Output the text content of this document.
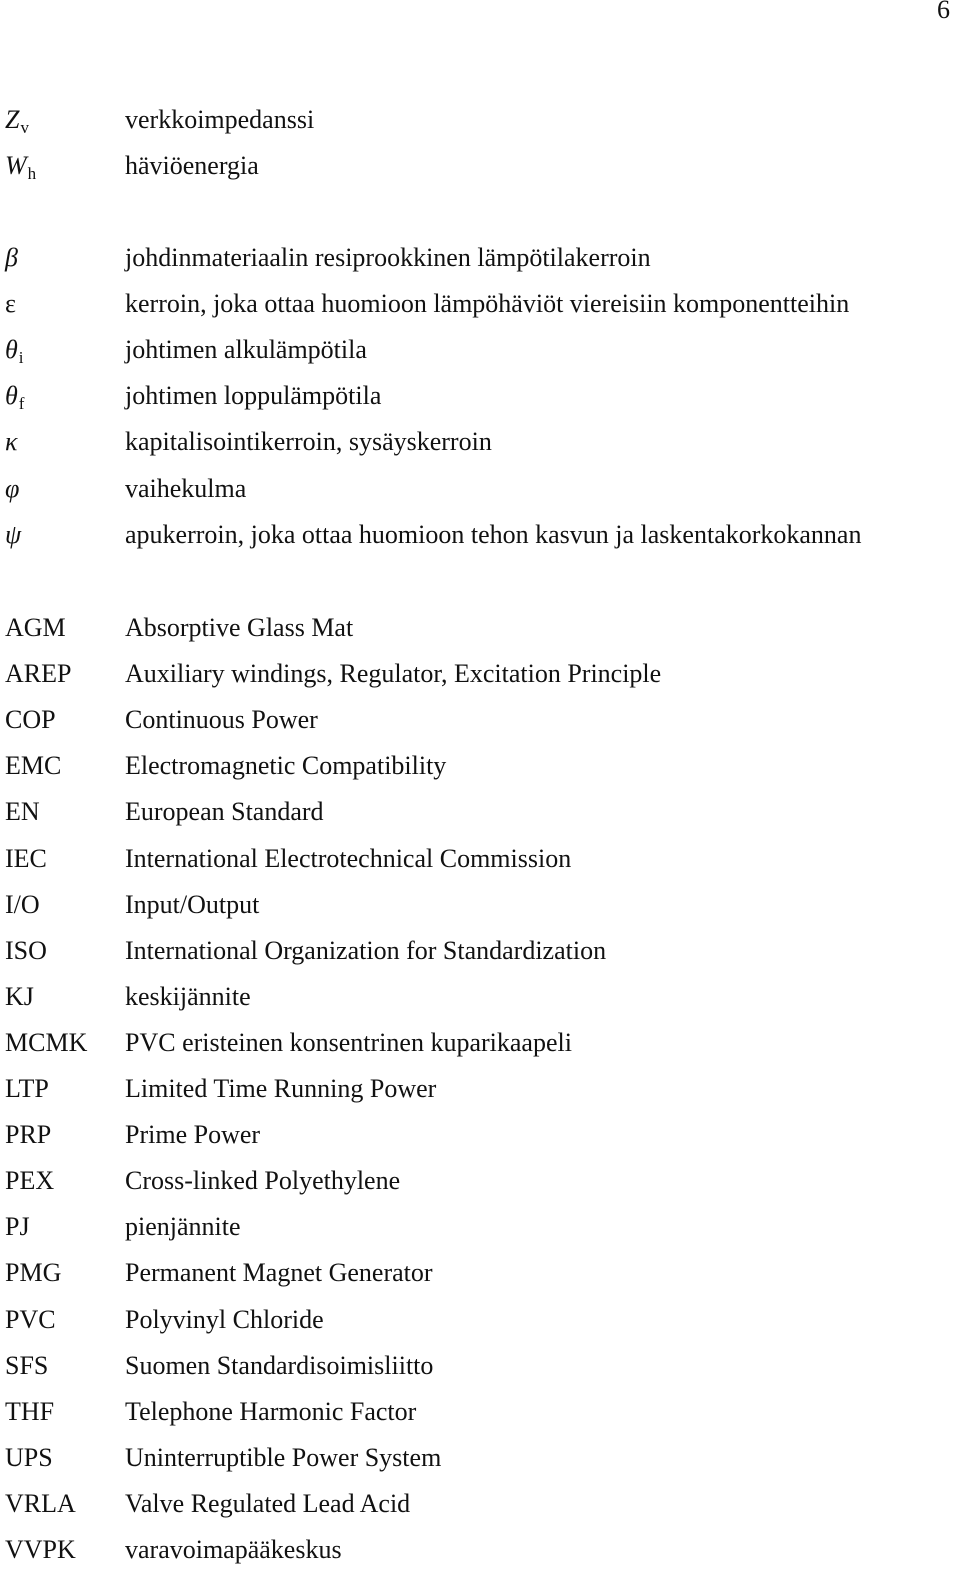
6
$Z_v$	verkkoimpedanssi
$W_h$	häviöenergia
β	johdinmateriaalin resiprookkinen lämpötilakerroin
ε	kerroin, joka ottaa huomioon lämpöhäviöt viereisiin komponentteihin
$\theta_i$	johtimen alkulämpötila
$\theta_f$	johtimen loppulämpötila
κ	kapitalisointikerroin, sysäyskerroin
φ	vaihekulma
ψ	apukerroin, joka ottaa huomioon tehon kasvun ja laskentakorkokannan
AGM Absorptive Glass Mat
AREP Auxiliary windings, Regulator, Excitation Principle
COP	Continuous Power
EMC Electromagnetic Compatibility
EN	European Standard
IEC	International Electrotechnical Commission
I/O	Input/Output
ISO	International Organization for Standardization
KJ	keskijännite
MCMK PVC eristeinen konsentrinen kuparikaapeli
LTP	Limited Time Running Power
PRP	Prime Power
PEX	Cross-linked Polyethylene
PJ	pienjännite
PMG Permanent Magnet Generator
PVC	Polyvinyl Chloride
SFS	Suomen Standardisoimisliitto
THF	Telephone Harmonic Factor
UPS	Uninterruptible Power System
VRLA Valve Regulated Lead Acid
VVPK varavoimapääkeskus
